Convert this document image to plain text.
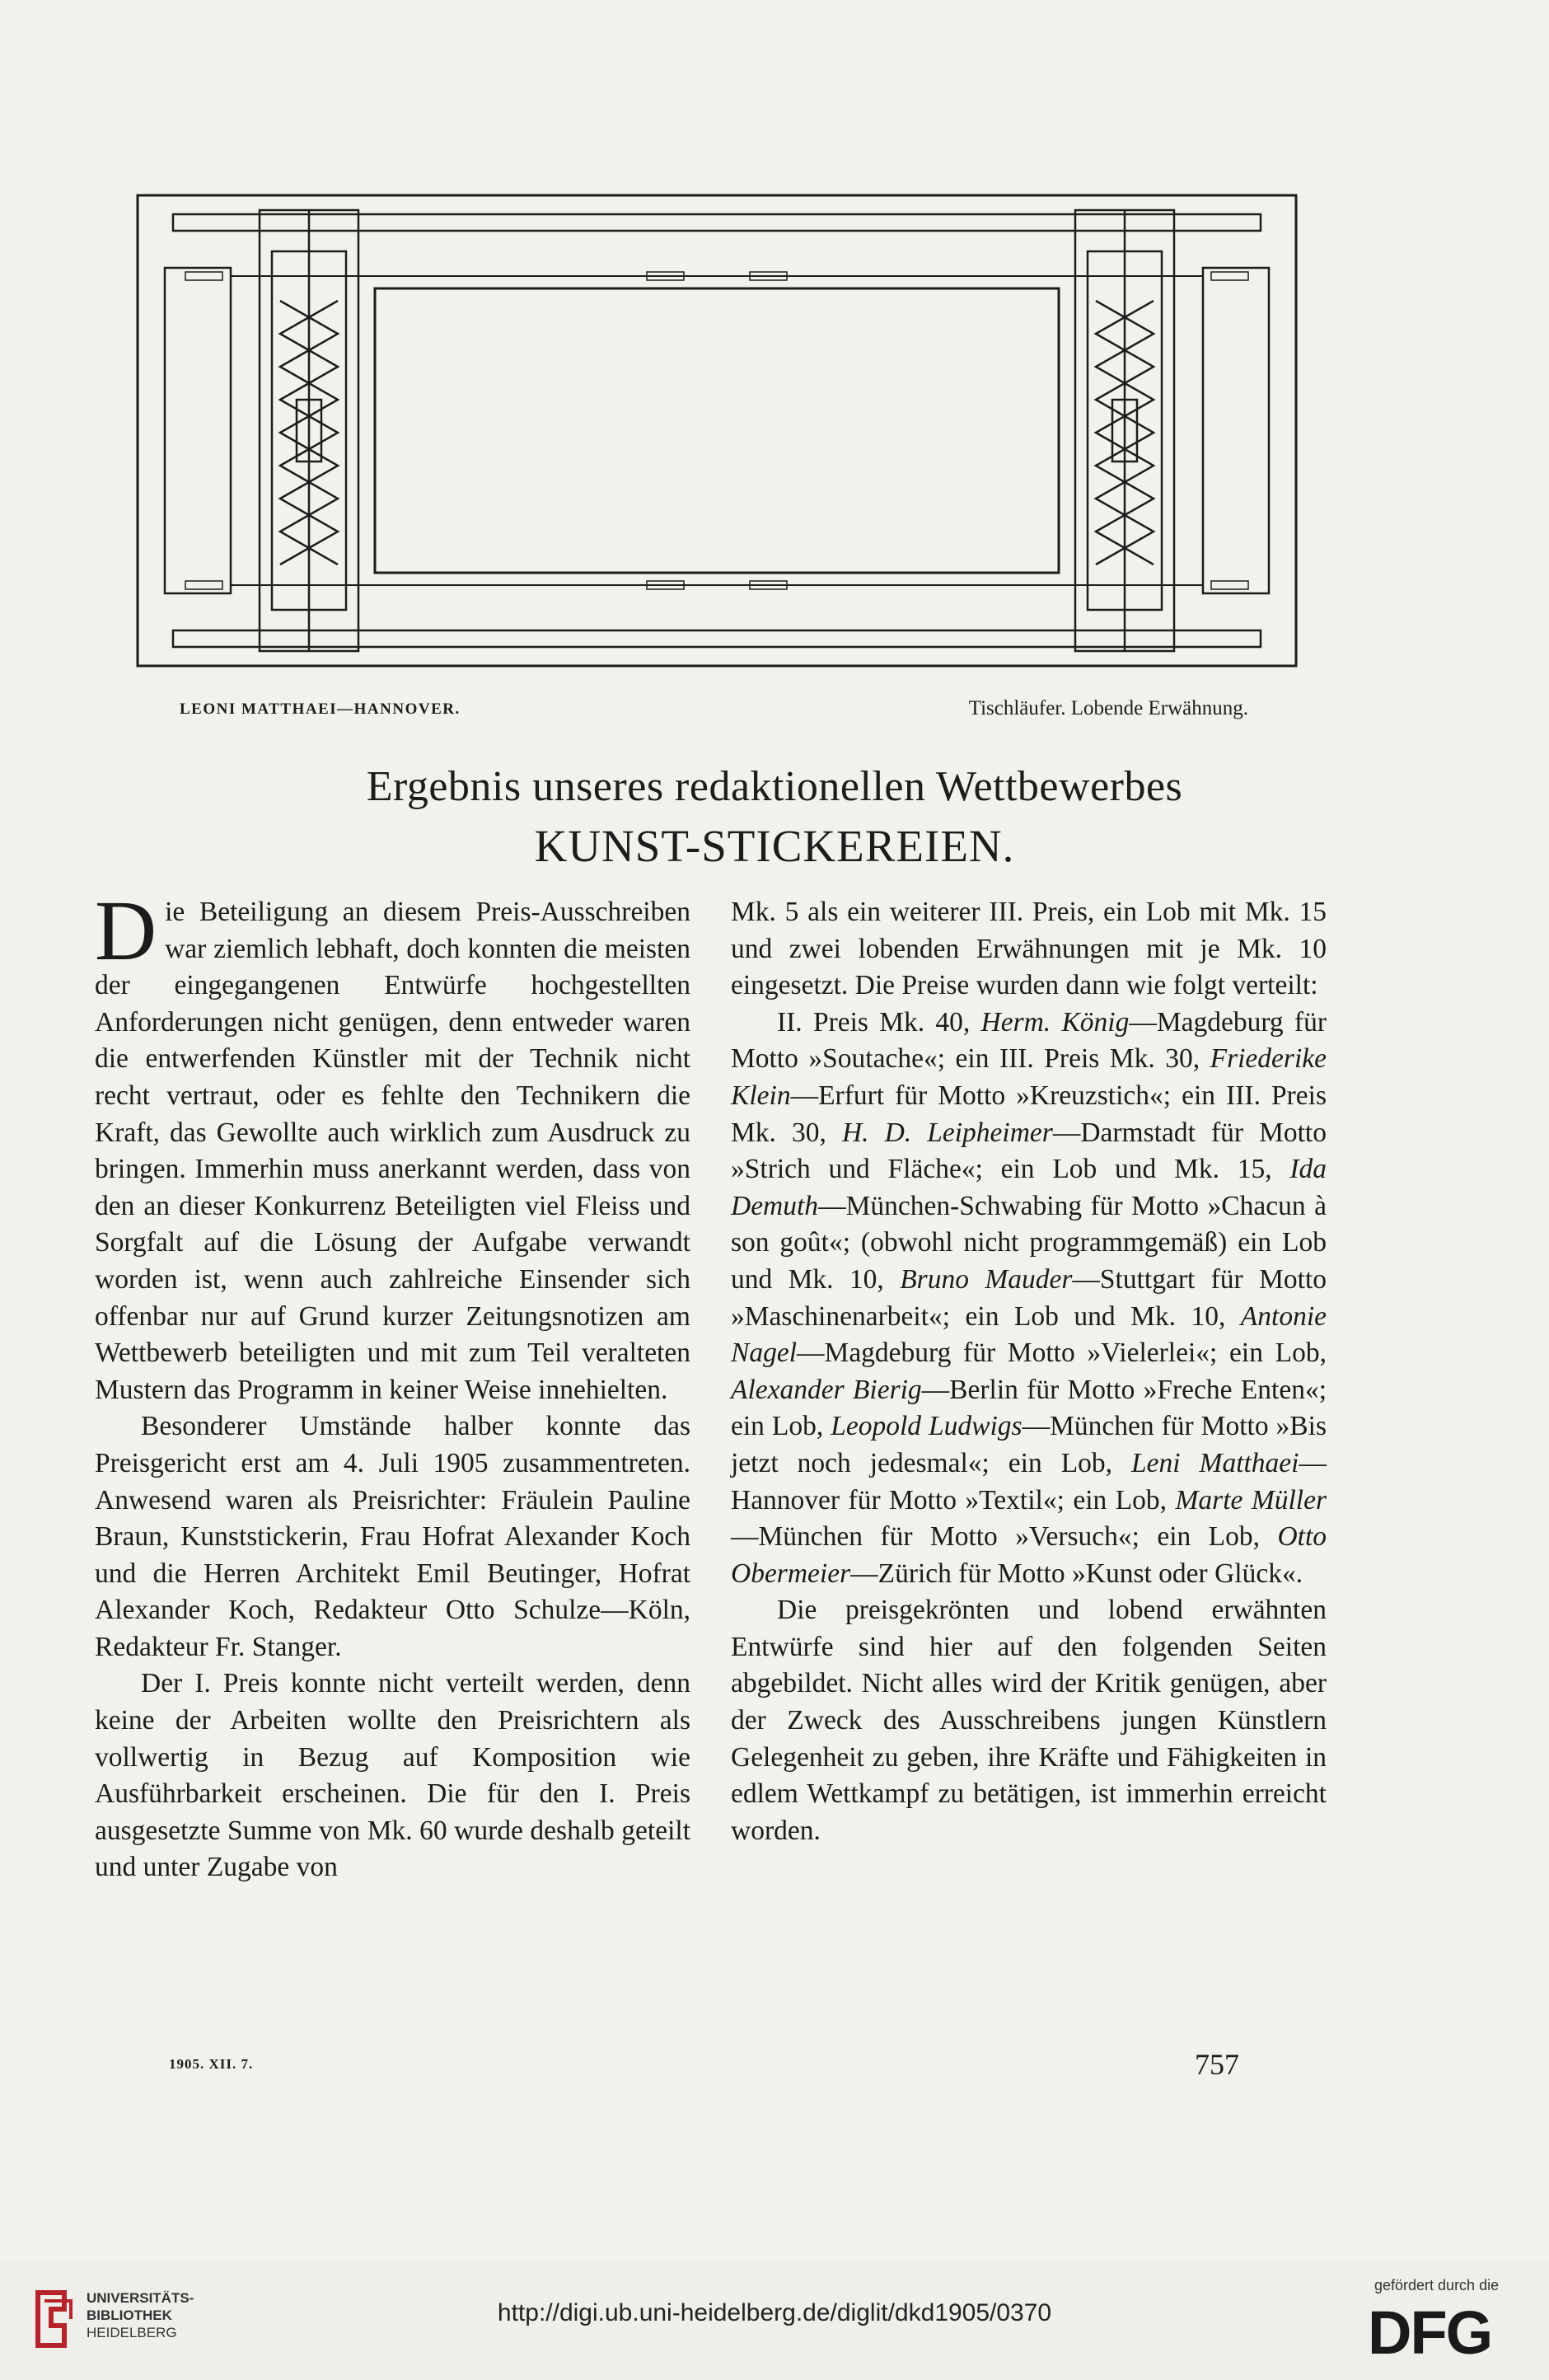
LEONI MATTHAEI—HANNOVER.	Tischläufer. Lobende Erwähnung.
Ergebnis unseres redaktionellen Wettbewerbes
KUNST-STICKEREIEN.

Die Beteiligung an diesem Preis-Ausschreiben war ziemlich lebhaft, doch konnten die meisten der eingegangenen Entwürfe hochgestellten Anforderungen nicht genügen, denn entweder waren die entwerfenden Künstler mit der Technik nicht recht vertraut, oder es fehlte den Technikern die Kraft, das Gewollte auch wirklich zum Ausdruck zu bringen. Immerhin muss anerkannt werden, dass von den an dieser Konkurrenz Beteiligten viel Fleiss und Sorgfalt auf die Lösung der Aufgabe verwandt worden ist, wenn auch zahlreiche Einsender sich offenbar nur auf Grund kurzer Zeitungsnotizen am Wettbewerb beteiligten und mit zum Teil veralteten Mustern das Programm in keiner Weise innehielten.

Besonderer Umstände halber konnte das Preisgericht erst am 4. Juli 1905 zusammentreten. Anwesend waren als Preisrichter: Fräulein Pauline Braun, Kunststickerin, Frau Hofrat Alexander Koch und die Herren Architekt Emil Beutinger, Hofrat Alexander Koch, Redakteur Otto Schulze—Köln, Redakteur Fr. Stanger.

Der I. Preis konnte nicht verteilt werden, denn keine der Arbeiten wollte den Preisrichtern als vollwertig in Bezug auf Komposition wie Ausführbarkeit erscheinen. Die für den I. Preis ausgesetzte Summe von Mk. 60 wurde deshalb geteilt und unter Zugabe von

Mk. 5 als ein weiterer III. Preis, ein Lob mit Mk. 15 und zwei lobenden Erwähnungen mit je Mk. 10 eingesetzt. Die Preise wurden dann wie folgt verteilt:

II. Preis Mk. 40, Herm. König—Magdeburg für Motto »Soutache«; ein III. Preis Mk. 30, Friederike Klein—Erfurt für Motto »Kreuzstich«; ein III. Preis Mk. 30, H. D. Leipheimer—Darmstadt für Motto »Strich und Fläche«; ein Lob und Mk. 15, Ida Demuth—München-Schwabing für Motto »Chacun à son goût«; (obwohl nicht programmgemäß) ein Lob und Mk. 10, Bruno Mauder—Stuttgart für Motto »Maschinenarbeit«; ein Lob und Mk. 10, Antonie Nagel—Magdeburg für Motto »Vielerlei«; ein Lob, Alexander Bierig—Berlin für Motto »Freche Enten«; ein Lob, Leopold Ludwigs—München für Motto »Bis jetzt noch jedesmal«; ein Lob, Leni Matthaei—Hannover für Motto »Textil«; ein Lob, Marte Müller—München für Motto »Versuch«; ein Lob, Otto Obermeier—Zürich für Motto »Kunst oder Glück«.

Die preisgekrönten und lobend erwähnten Entwürfe sind hier auf den folgenden Seiten abgebildet. Nicht alles wird der Kritik genügen, aber der Zweck des Ausschreibens jungen Künstlern Gelegenheit zu geben, ihre Kräfte und Fähigkeiten in edlem Wettkampf zu betätigen, ist immerhin erreicht worden.

1905. XII. 7.	757
UNIVERSITÄTS-
BIBLIOTHEK
HEIDELBERG
http://digi.ub.uni-heidelberg.de/diglit/dkd1905/0370
gefördert durch die
DFG
